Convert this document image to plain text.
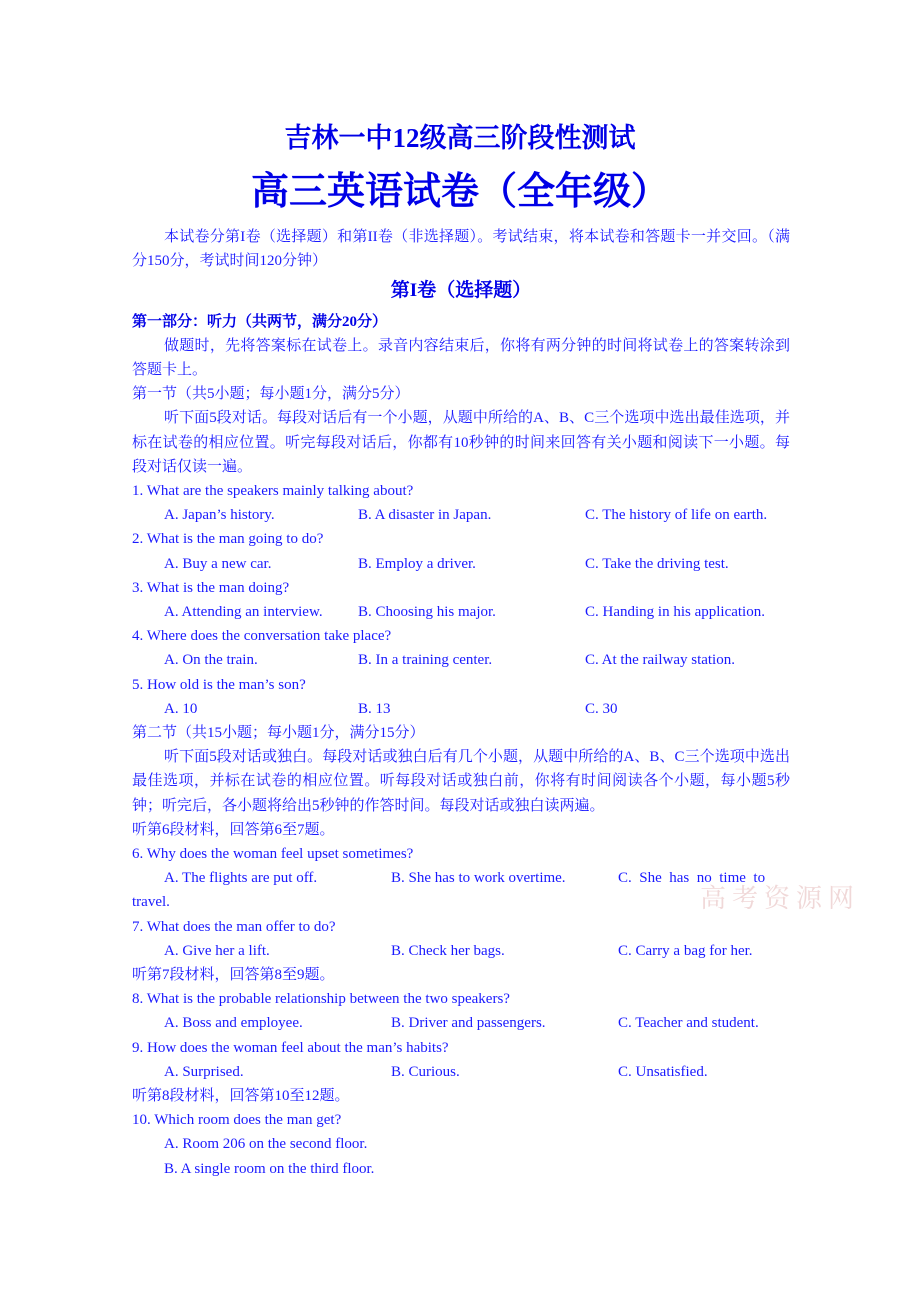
吉林一中12级高三阶段性测试
高三英语试卷（全年级）
高考资源网
本试卷分第I卷（选择题）和第II卷（非选择题）。考试结束，将本试卷和答题卡一并交回。（满分150分，考试时间120分钟）
第I卷（选择题）
第一部分：听力（共两节，满分20分）
做题时，先将答案标在试卷上。录音内容结束后，你将有两分钟的时间将试卷上的答案转涂到答题卡上。
第一节（共5小题；每小题1分，满分5分）
听下面5段对话。每段对话后有一个小题，从题中所给的A、B、C三个选项中选出最佳选项，并标在试卷的相应位置。听完每段对话后，你都有10秒钟的时间来回答有关小题和阅读下一小题。每段对话仅读一遍。
1. What are the speakers mainly talking about?
A. Japan’s history.	B. A disaster in Japan.	C. The history of life on earth.
2. What is the man going to do?
A. Buy a new car.	B. Employ a driver.	C. Take the driving test.
3. What is the man doing?
A. Attending an interview. B. Choosing his major.	C. Handing in his application.
4. Where does the conversation take place?
A. On the train.	B. In a training center.	C. At the railway station.
5. How old is the man’s son?
A. 10	B. 13	C. 30
第二节（共15小题；每小题1分，满分15分）
听下面5段对话或独白。每段对话或独白后有几个小题，从题中所给的A、B、C三个选项中选出最佳选项，并标在试卷的相应位置。听每段对话或独白前，你将有时间阅读各个小题，每小题5秒钟；听完后，各小题将给出5秒钟的作答时间。每段对话或独白读两遍。
听第6段材料，回答第6至7题。
6. Why does the woman feel upset sometimes?
A. The flights are put off.	B. She has to work overtime.	C.  She  has  no  time  to
travel.
7. What does the man offer to do?
A. Give her a lift.	B. Check her bags.	C. Carry a bag for her.
听第7段材料，回答第8至9题。
8. What is the probable relationship between the two speakers?
A. Boss and employee.	B. Driver and passengers.	C. Teacher and student.
9. How does the woman feel about the man’s habits?
A. Surprised.	B. Curious.	C. Unsatisfied.
听第8段材料，回答第10至12题。
10. Which room does the man get?
A. Room 206 on the second floor.
B. A single room on the third floor.
